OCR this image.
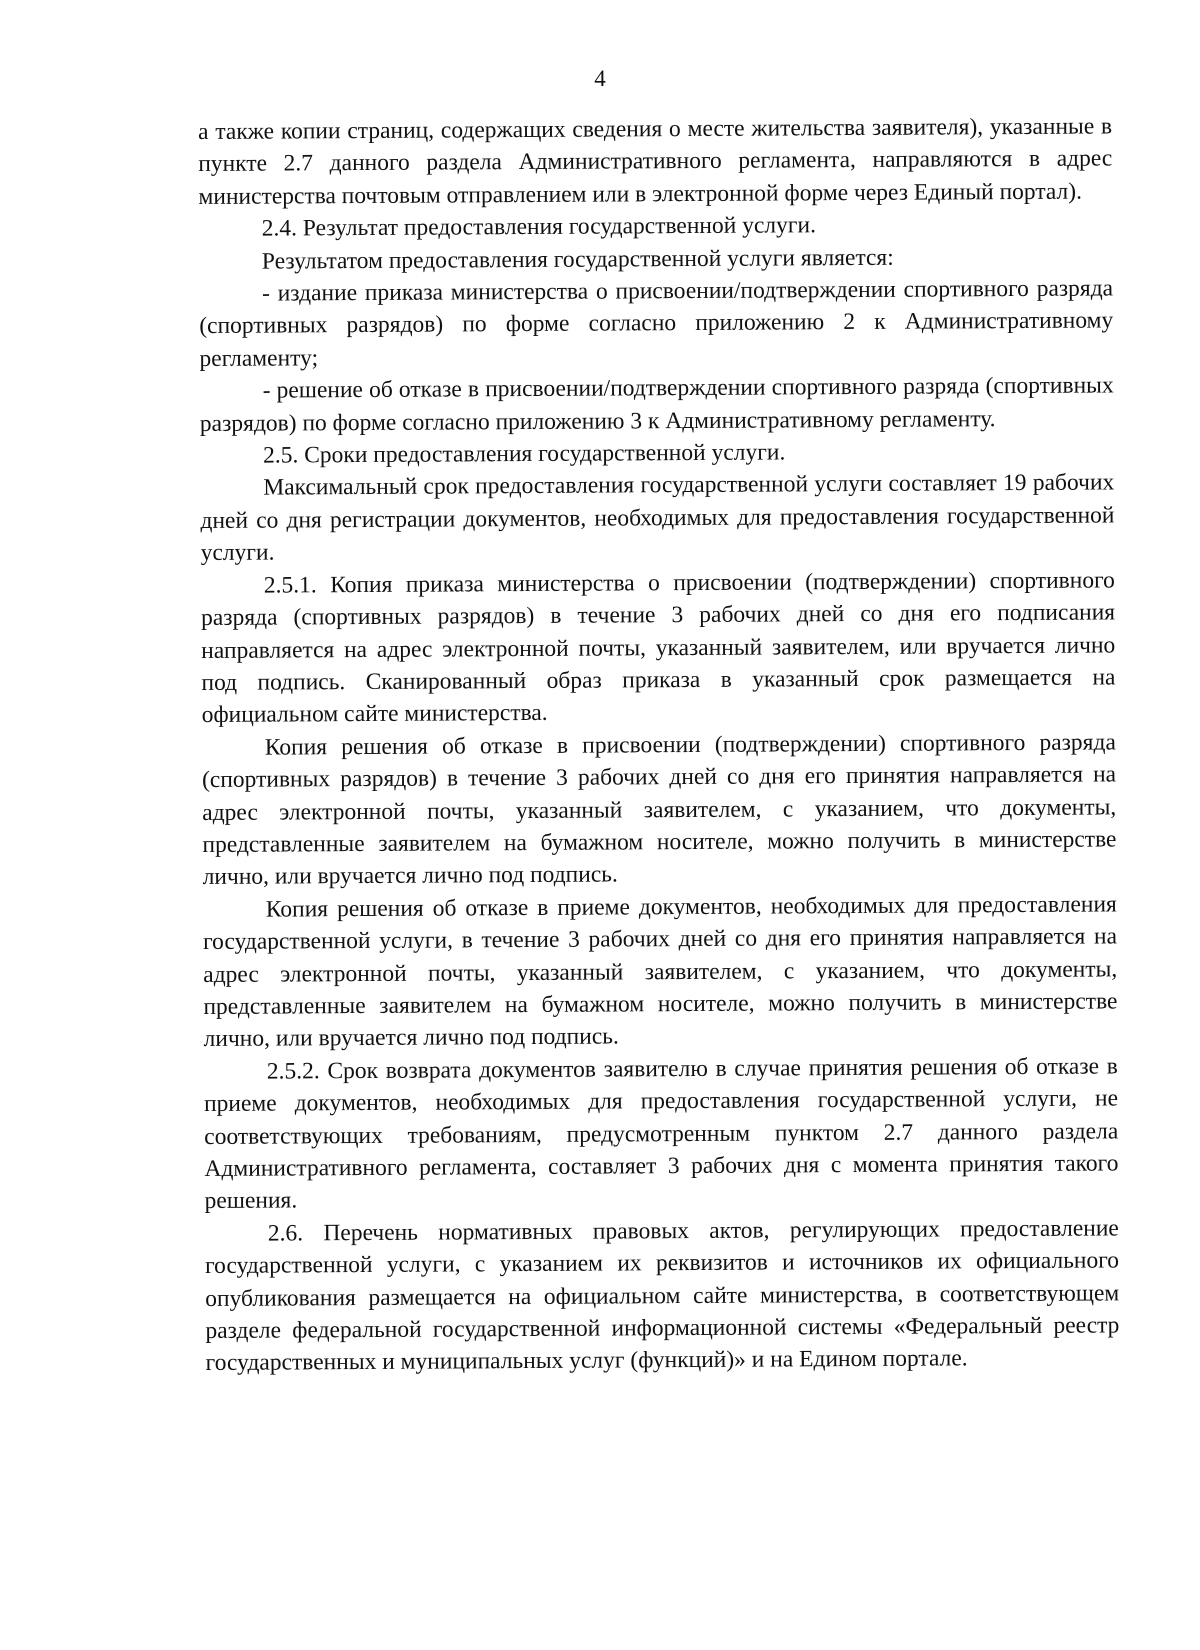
4

а также копии страниц, содержащих сведения о месте жительства заявителя), указанные в пункте 2.7 данного раздела Административного регламента, направляются в адрес министерства почтовым отправлением или в электронной форме через Единый портал).

2.4. Результат предоставления государственной услуги.

Результатом предоставления государственной услуги является:

- издание приказа министерства о присвоении/подтверждении спортивного разряда (спортивных разрядов) по форме согласно приложению 2 к Административному регламенту;

- решение об отказе в присвоении/подтверждении спортивного разряда (спортивных разрядов) по форме согласно приложению 3 к Административному регламенту.

2.5. Сроки предоставления государственной услуги.

Максимальный срок предоставления государственной услуги составляет 19 рабочих дней со дня регистрации документов, необходимых для предоставления государственной услуги.

2.5.1. Копия приказа министерства о присвоении (подтверждении) спортивного разряда (спортивных разрядов) в течение 3 рабочих дней со дня его подписания направляется на адрес электронной почты, указанный заявителем, или вручается лично под подпись. Сканированный образ приказа в указанный срок размещается на официальном сайте министерства.

Копия решения об отказе в присвоении (подтверждении) спортивного разряда (спортивных разрядов) в течение 3 рабочих дней со дня его принятия направляется на адрес электронной почты, указанный заявителем, с указанием, что документы, представленные заявителем на бумажном носителе, можно получить в министерстве лично, или вручается лично под подпись.

Копия решения об отказе в приеме документов, необходимых для предоставления государственной услуги, в течение 3 рабочих дней со дня его принятия направляется на адрес электронной почты, указанный заявителем, с указанием, что документы, представленные заявителем на бумажном носителе, можно получить в министерстве лично, или вручается лично под подпись.

2.5.2. Срок возврата документов заявителю в случае принятия решения об отказе в приеме документов, необходимых для предоставления государственной услуги, не соответствующих требованиям, предусмотренным пунктом 2.7 данного раздела Административного регламента, составляет 3 рабочих дня с момента принятия такого решения.

2.6. Перечень нормативных правовых актов, регулирующих предоставление государственной услуги, с указанием их реквизитов и источников их официального опубликования размещается на официальном сайте министерства, в соответствующем разделе федеральной государственной информационной системы «Федеральный реестр государственных и муниципальных услуг (функций)» и на Едином портале.
